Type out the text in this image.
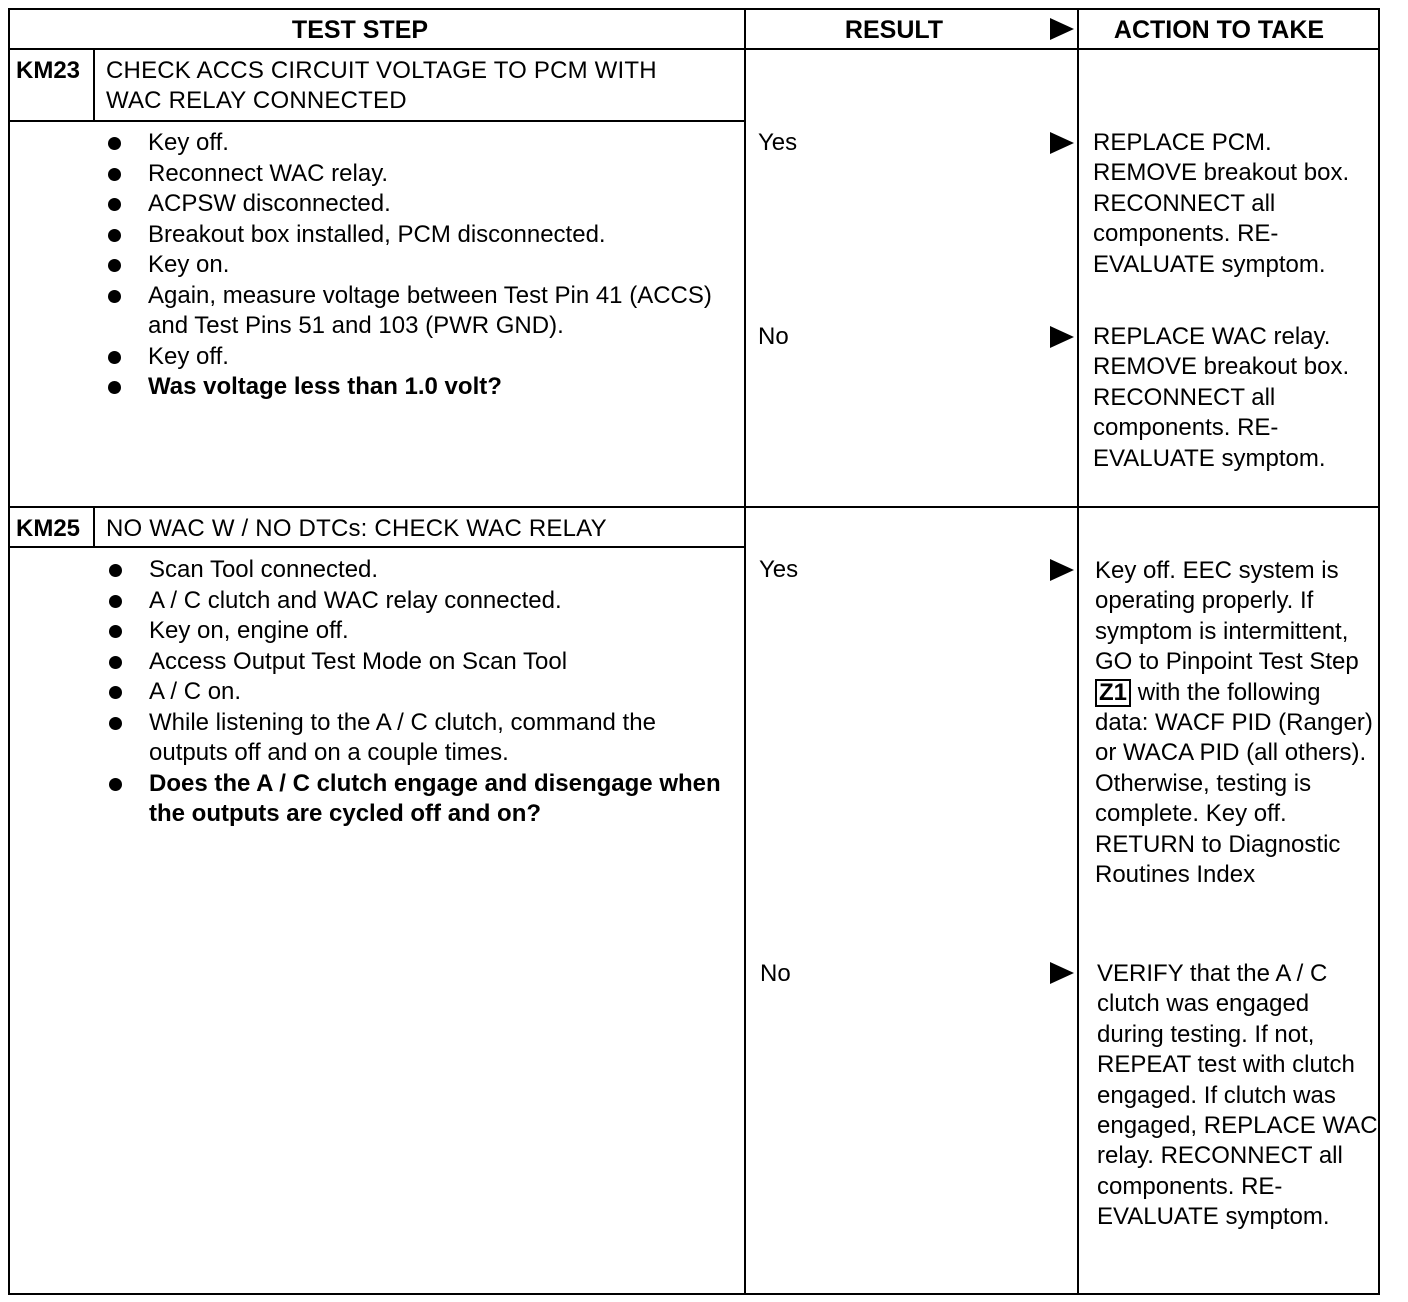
TEST STEP	RESULT	ACTION TO TAKE
KM23 CHECK ACCS CIRCUIT VOLTAGE TO PCM WITH
WAC RELAY CONNECTED
Key off.
Reconnect WAC relay.
ACPSW disconnected.
Breakout box installed, PCM disconnected.
Key on.
Again, measure voltage between Test Pin 41 (ACCS) and Test Pins 51 and 103 (PWR GND).
Key off.
Was voltage less than 1.0 volt?
Yes	REPLACE PCM. REMOVE breakout box. RECONNECT all components. RE-EVALUATE symptom.
No	REPLACE WAC relay. REMOVE breakout box. RECONNECT all components. RE-EVALUATE symptom.
KM25 NO WAC W / NO DTCs: CHECK WAC RELAY
Scan Tool connected.
A / C clutch and WAC relay connected.
Key on, engine off.
Access Output Test Mode on Scan Tool
A / C on.
While listening to the A / C clutch, command the outputs off and on a couple times.
Does the A / C clutch engage and disengage when the outputs are cycled off and on?
Yes	Key off. EEC system is operating properly. If symptom is intermittent, GO to Pinpoint Test Step Z1 with the following data: WACF PID (Ranger) or WACA PID (all others). Otherwise, testing is complete. Key off. RETURN to Diagnostic Routines Index
No	VERIFY that the A / C clutch was engaged during testing. If not, REPEAT test with clutch engaged. If clutch was engaged, REPLACE WAC relay. RECONNECT all components. RE-EVALUATE symptom.
